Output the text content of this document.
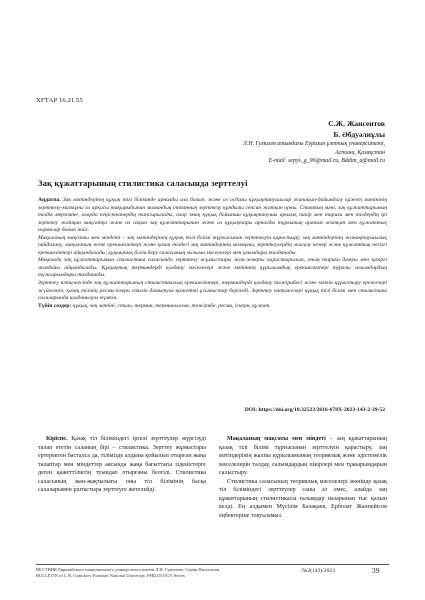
ХҒТАР 16.21.55
С.Ж. Жансеитов
Б. Әбдуәлиұлы
Л.Н. Гумилев атындағы Еуразия ұлттық университеті,
Астана, Қазақстан
E-mail: sepys_g_96@mail.ru, Bddim_a@mail.ru
Зақ құжаттарының стилистика саласында зерттелуі

Аңдатпа. Зақ мәтіндерінің құқық тілі білімінде арналды ала болып, және ол осдағы құқықтанушылар жинақып-дайындалу қажет мәтінінің зерттелу-мазмұны ол арқасы тақырыбынан мамандық отпанның зерттелу құндылы сепсин жатқан орны. Ставтың мәні, зақ құжаттарының тілдік мерзіміне, оларда кеңістіктердің тапсырылады, олар эмақ құқық бойынша құқықтанушы аралық пикір мен тарихи мен тілдердің ірі зерттеу жатқан мақсатқа және ол сақын зақ құжаттарынан және ол құқықтары арналды тұрлының аранам жатқан мен құжаттық нормалар болып тиіс.

Мақаланың мақсаты мен міндеті – зақ мәтіндерінің құқық тілі білімі тұрғысынан зерттелуін қарастыру, зақ мәтіндерінің жинақтаушылық пайдалану, мақаланың жеке ерекшеліктері және қазақ тілдегі зақ мәтіндерінің мазмұны, зерттеулердің жасалу кезеңі және құжаттық негізгі ерекшеліктері айқындалады, құқықтық білім беру саласының ғылыми мәселелері мен ұғымдары талданады.

Мақалада зақ құжаттарының стилистика саласында зерттелу жұмыстары жан-жақты қарастырылып, оның тарихи дамуы мен қазіргі жағдайы айқындалады. Құқықтық терминдерді қолдану мәселелері және мәтіннің құрылымдық ерекшеліктері туралы ғалымдардың тұжырымдары талданады.

Зерттеу нәтижесінде зақ құжаттарының стилистикалық ерекшеліктері, терминдерді қолдану тәжірибесі және мәтін құрастыру ережелері жүйеленіп, қазақ тілінің ресми-іскери стилін дамытуға қажетті ұсыныстар беріледі. Зерттеу нәтижелері құқық тілі білімі мен стилистика салаларында қолданылуы мүмкін.

Түйін сөздер: құқық, заң мәтіні, стиль, термин, терминология, тәжірибе, ресми, іскери, құжат.

DOI: https://doi.org/10.32523/2616-678X-2023-143-2-39-52

Кіріспе. Қазақ тіл біліміндегі іргелі зерттеулер жүргізуді талап ететін саланың бірі – стилистика. Зерттеу жұмыстары ертеректен басталса да, тілімізде алдына қойылып отырған жаңа талаптар мен міндеттер аясында жаңа бағыттағы ізденістерге деген қажеттіліктің туындап отырғаны белгілі. Стилистика саласының жан-жақтылығы оны тіл білімінің басқа салаларымен ұштастыра зерттеуге жетелейді.

Мақаланың мақсаты мен міндеті – заң құжаттарының қазақ тілі білімі тұрғысынан зерттелуін қарастыру, заң мәтіндерінің жалпы құрылымының теориялық және әдістемелік мәселелерін талдау, ғалымдардың пікірлері мен тұжырымдарын салыстыру.

Стилистика саласының теориялық мәселелері жөнінде қазақ тіл біліміндегі зерттеулер саны аз емес, алайда заң құжаттарының стилистикасы ғалымдар назарынан тыс қалып келді. Ең алдымен Мүсілім Балақаев, Ерболат Жанпейісов еңбектеріне тоқталамыз.

ВЕСТНИК Евразийского национального университета имени Л.Н. Гумилева. Серия Филология
BULLETIN of L.N. Gumilyov Eurasian National University. PHILOLOGY Series
№2(143)/2023	39
